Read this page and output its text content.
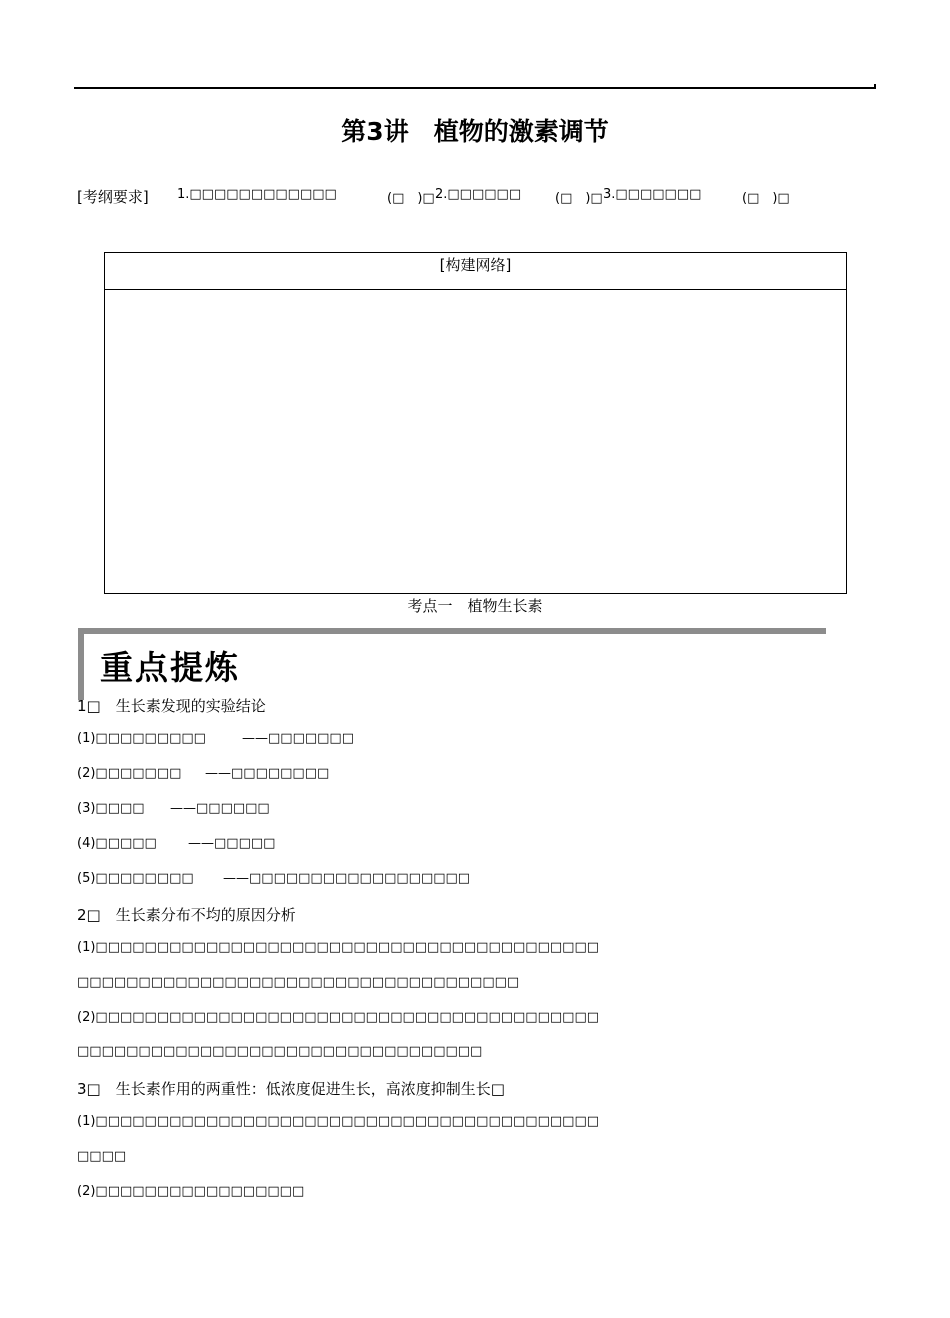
第3讲　植物的激素调节
[考纲要求] 1.□□□□□□□□□□□□	(□　)□ 2.□□□□□□	(□　)□ 3.□□□□□□□	(□　)□
[构建网络]
考点一　植物生长素
重点提炼
1□　生长素发现的实验结论
(1)□□□□□□□□□	——□□□□□□□
(2)□□□□□□□ ——□□□□□□□□
(3)□□□□ ——□□□□□□
(4)□□□□□ ——□□□□□
(5)□□□□□□□□ ——□□□□□□□□□□□□□□□□□□
2□　生长素分布不均的原因分析
(1)□□□□□□□□□□□□□□□□□□□□□□□□□□□□□□□□□□□□□□□□□
□□□□□□□□□□□□□□□□□□□□□□□□□□□□□□□□□□□□
(2)□□□□□□□□□□□□□□□□□□□□□□□□□□□□□□□□□□□□□□□□□
□□□□□□□□□□□□□□□□□□□□□□□□□□□□□□□□□
3□　生长素作用的两重性：低浓度促进生长，高浓度抑制生长□
(1)□□□□□□□□□□□□□□□□□□□□□□□□□□□□□□□□□□□□□□□□□
□□□□
(2)□□□□□□□□□□□□□□□□□
